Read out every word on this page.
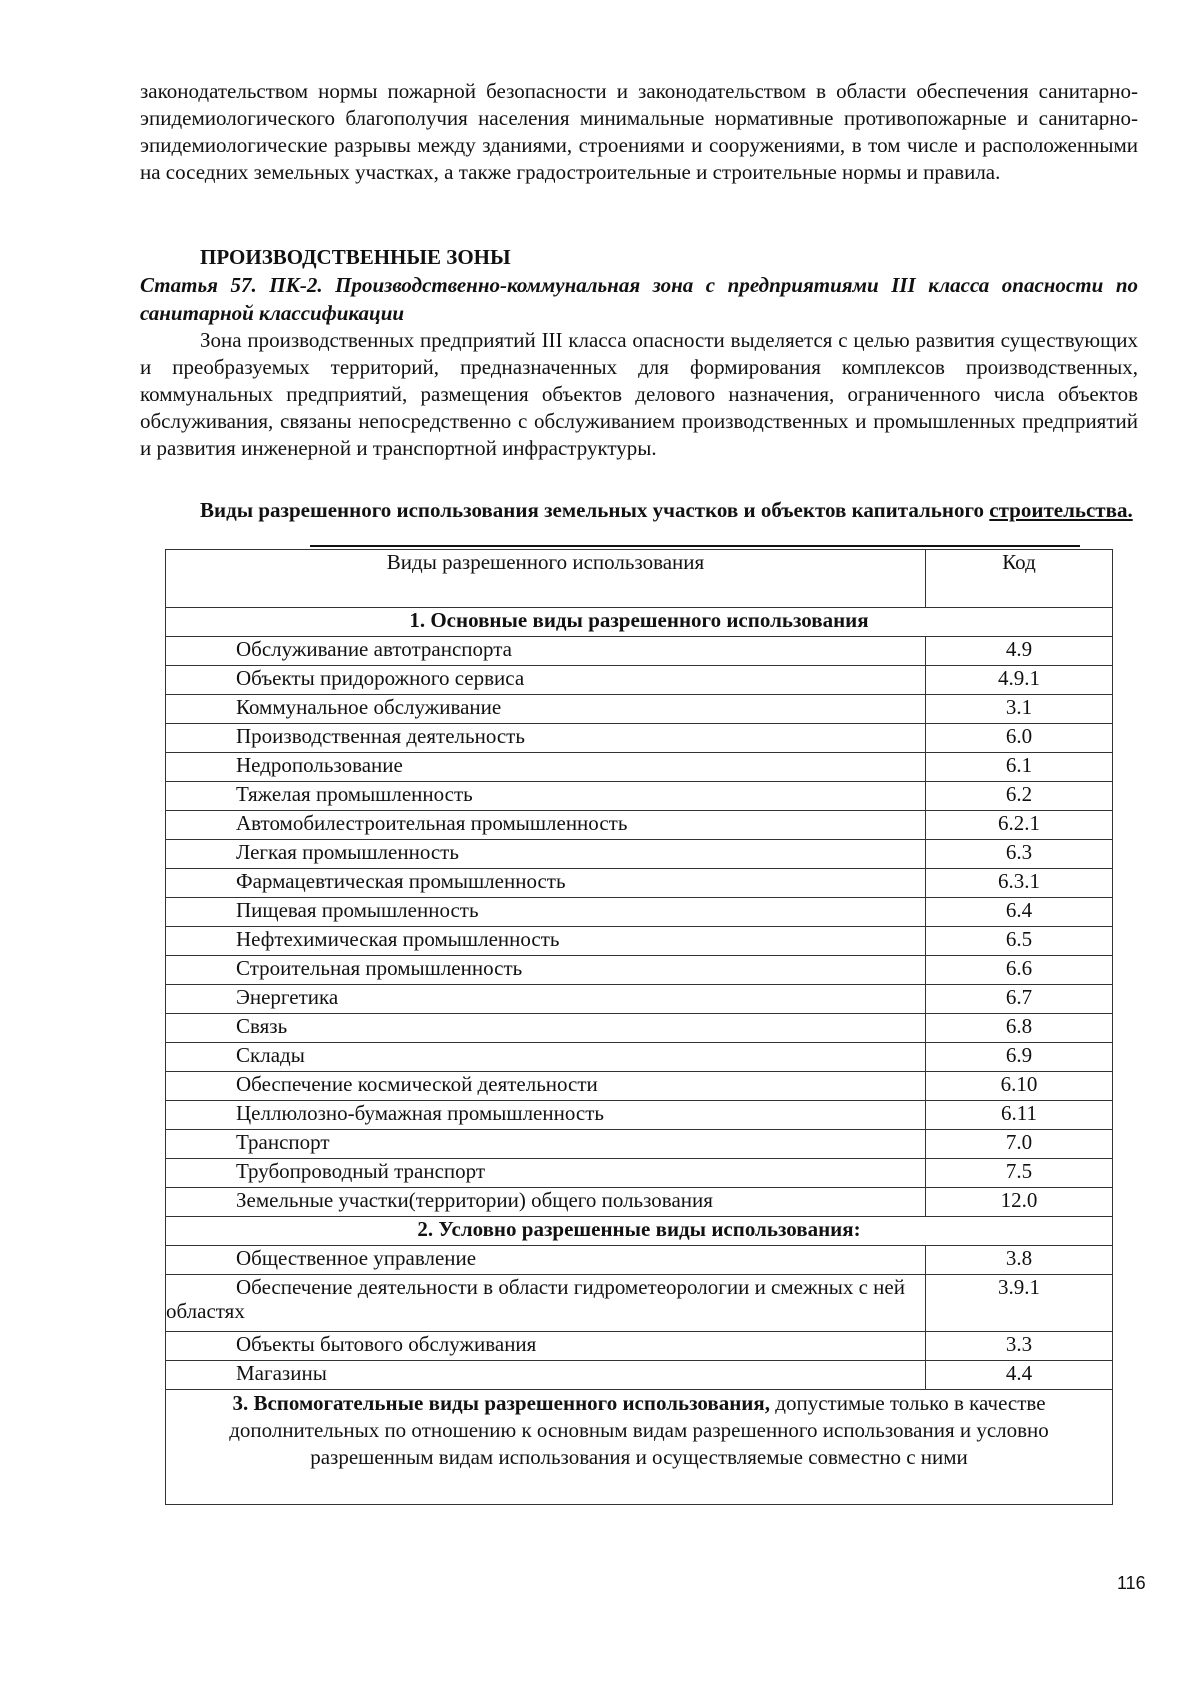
законодательством нормы пожарной безопасности и законодательством в области обеспечения санитарно-эпидемиологического благополучия населения минимальные нормативные противопожарные и санитарно-эпидемиологические разрывы между зданиями, строениями и сооружениями, в том числе и расположенными на соседних земельных участках, а также градостроительные и строительные нормы и правила.

ПРОИЗВОДСТВЕННЫЕ ЗОНЫ

Статья 57. ПК-2. Производственно-коммунальная зона с предприятиями III класса опасности по санитарной классификации

Зона производственных предприятий III класса опасности выделяется с целью развития существующих и преобразуемых территорий, предназначенных для формирования комплексов производственных, коммунальных предприятий, размещения объектов делового назначения, ограниченного числа объектов обслуживания, связаны непосредственно с обслуживанием производственных и промышленных предприятий и развития инженерной и транспортной инфраструктуры.

Виды разрешенного использования земельных участков и объектов капитального строительства.

Виды разрешенного использования	Код
1. Основные виды разрешенного использования	
Обслуживание автотранспорта	4.9
Объекты придорожного сервиса	4.9.1
Коммунальное обслуживание	3.1
Производственная деятельность	6.0
Недропользование	6.1
Тяжелая промышленность	6.2
Автомобилестроительная промышленность	6.2.1
Легкая промышленность	6.3
Фармацевтическая промышленность	6.3.1
Пищевая промышленность	6.4
Нефтехимическая промышленность	6.5
Строительная промышленность	6.6
Энергетика	6.7
Связь	6.8
Склады	6.9
Обеспечение космической деятельности	6.10
Целлюлозно-бумажная промышленность	6.11
Транспорт	7.0
Трубопроводный транспорт	7.5
Земельные участки(территории) общего пользования	12.0
2. Условно разрешенные виды использования:	
Общественное управление	3.8
Обеспечение деятельности в области гидрометеорологии и смежных с ней областях	3.9.1
Объекты бытового обслуживания	3.3
Магазины	4.4
3. Вспомогательные виды разрешенного использования, допустимые только в качестве дополнительных по отношению к основным видам разрешенного использования и условно разрешенным видам использования и осуществляемые совместно с ними	
116
